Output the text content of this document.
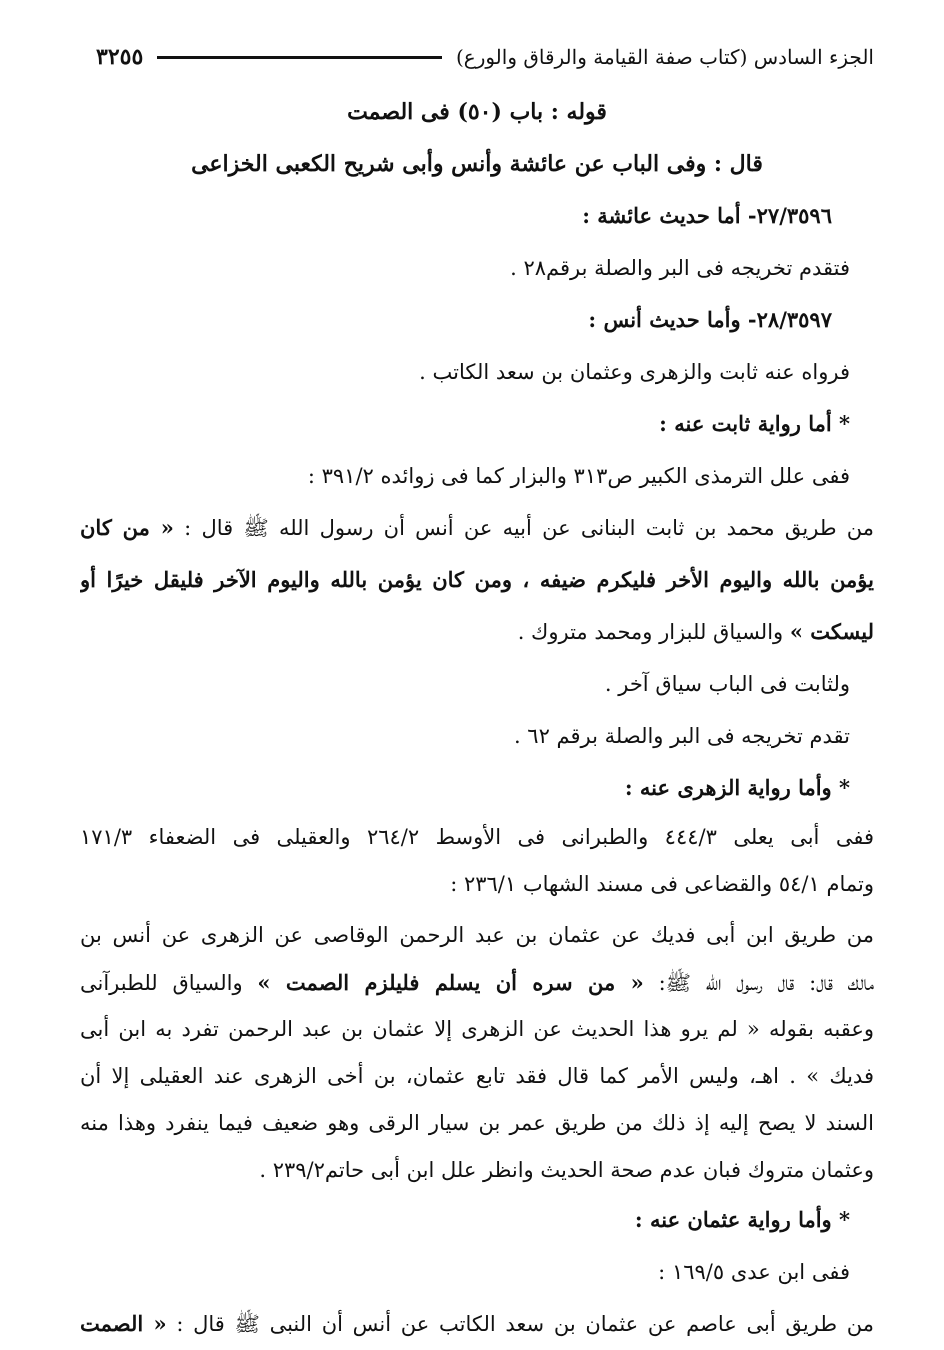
الجزء السادس (كتاب صفة القيامة والرقاق والورع)
٣٢٥٥
قوله : باب (٥٠) فى الصمت
قال : وفى الباب عن عائشة وأنس وأبى شريح الكعبى الخزاعى
٢٧/٣٥٩٦- أما حديث عائشة :
فتقدم تخريجه فى البر والصلة برقم٢٨ .
٢٨/٣٥٩٧- وأما حديث أنس :
فرواه عنه ثابت والزهرى وعثمان بن سعد الكاتب .
* أما رواية ثابت عنه :
ففى علل الترمذى الكبير ص٣١٣ والبزار كما فى زوائده ٣٩١/٢ :
من طريق محمد بن ثابت البنانى عن أبيه عن أنس أن رسول الله ﷺ قال : « من كان
يؤمن بالله واليوم الأخر فليكرم ضيفه ، ومن كان يؤمن بالله واليوم الآخر فليقل خيرًا أو
ليسكت » والسياق للبزار ومحمد متروك .
ولثابت فى الباب سياق آخر .
تقدم تخريجه فى البر والصلة برقم ٦٢ .
* وأما رواية الزهرى عنه :
ففى أبى يعلى ٤٤٤/٣ والطبرانى فى الأوسط ٢٦٤/٢ والعقيلى فى الضعفاء ١٧١/٣
وتمام ٥٤/١ والقضاعى فى مسند الشهاب ٢٣٦/١ :
من طريق ابن أبى فديك عن عثمان بن عبد الرحمن الوقاصى عن الزهرى عن أنس بن
مالك قال: قال رسول الله ﷺ: « من سره أن يسلم فليلزم الصمت » والسياق للطبرآنى
وعقبه بقوله « لم يرو هذا الحديث عن الزهرى إلا عثمان بن عبد الرحمن تفرد به ابن أبى
فديك » . اهـ، وليس الأمر كما قال فقد تابع عثمان، بن أخى الزهرى عند العقيلى إلا أن
السند لا يصح إليه إذ ذلك من طريق عمر بن سيار الرقى وهو ضعيف فيما ينفرد وهذا منه
وعثمان متروك فبان عدم صحة الحديث وانظر علل ابن أبى حاتم٢٣٩/٢ .
* وأما رواية عثمان عنه :
ففى ابن عدى ١٦٩/٥ :
من طريق أبى عاصم عن عثمان بن سعد الكاتب عن أنس أن النبى ﷺ قال : « الصمت
